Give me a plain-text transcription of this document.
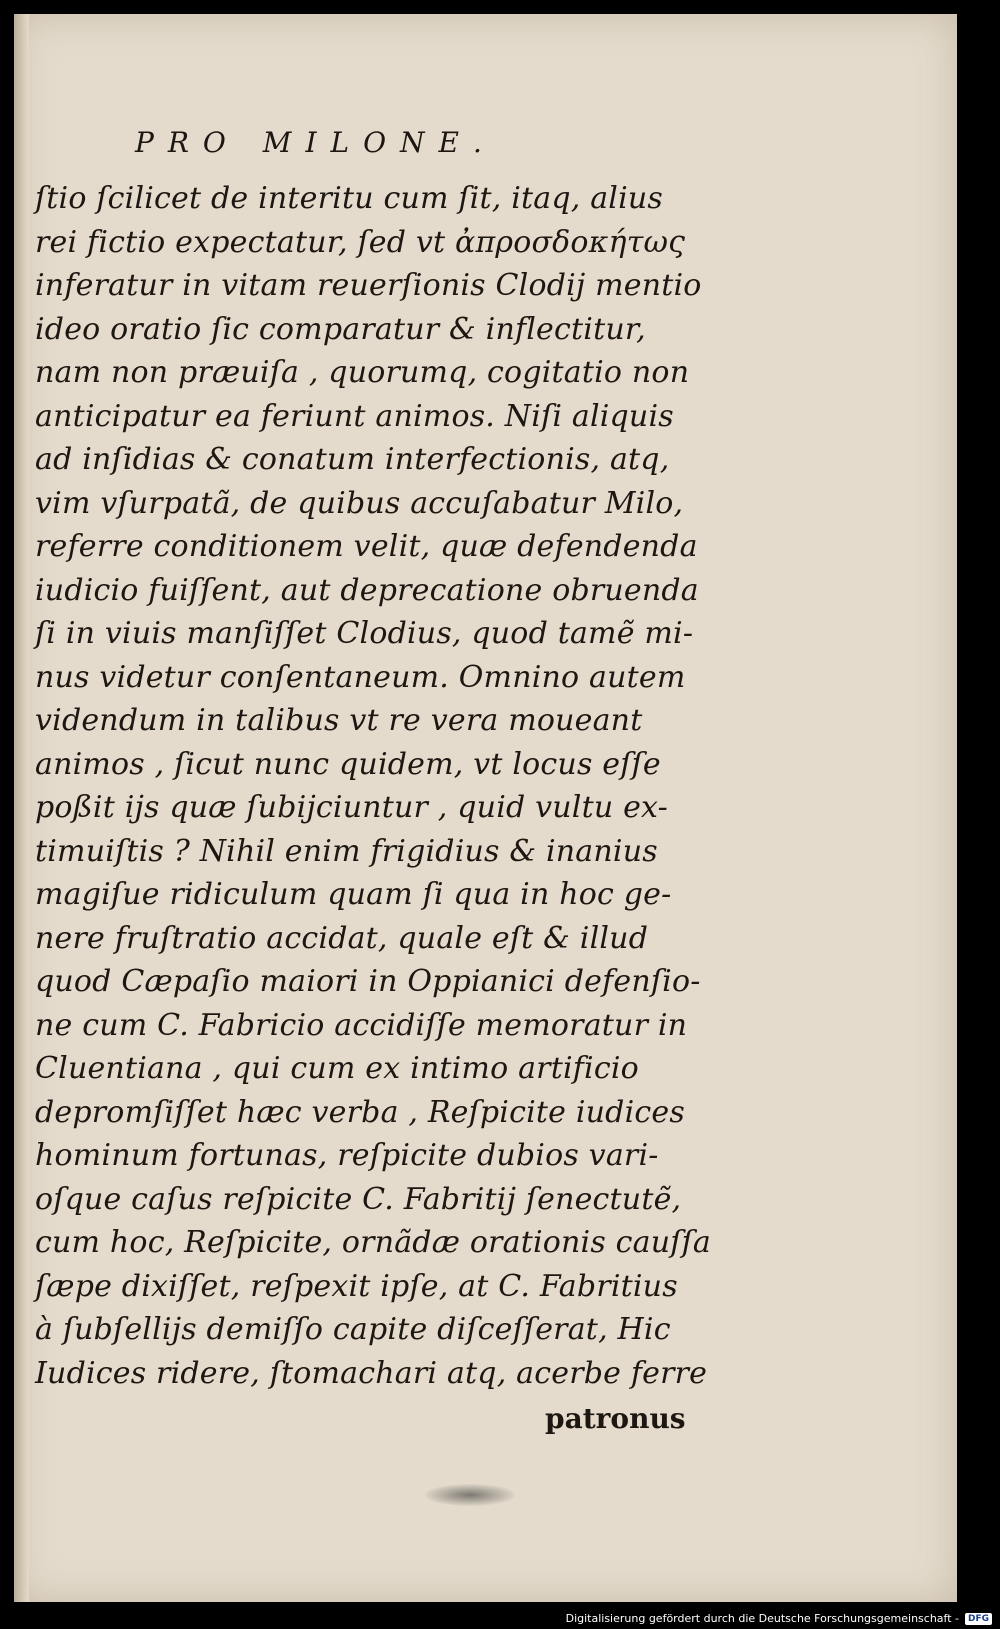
PRO MILONE.
ſtio ſcilicet de interitu cum ſit, itaq, alius
rei fictio expectatur, ſed vt ἀπροσδοκήτως
inferatur in vitam reuerſionis Clodij mentio
ideo oratio ſic comparatur & inflectitur,
nam non præuiſa , quorumq, cogitatio non
anticipatur ea feriunt animos. Niſi aliquis
ad inſidias & conatum interfectionis, atq,
vim vſurpatã, de quibus accuſabatur Milo,
referre conditionem velit, quæ defendenda
iudicio fuiſſent, aut deprecatione obruenda
ſi in viuis manſiſſet Clodius, quod tamẽ mi-
nus videtur conſentaneum. Omnino autem
videndum in talibus vt re vera moueant
animos , ſicut nunc quidem, vt locus eſſe
poßit ijs quæ ſubijciuntur , quid vultu ex-
timuiſtis ? Nihil enim frigidius & inanius
magiſue ridiculum quam ſi qua in hoc ge-
nere fruſtratio accidat, quale eſt & illud
quod Cæpaſio maiori in Oppianici defenſio-
ne cum C. Fabricio accidiſſe memoratur in
Cluentiana , qui cum ex intimo artificio
depromſiſſet hæc verba , Reſpicite iudices
hominum fortunas, reſpicite dubios vari-
oſque caſus reſpicite C. Fabritij ſenectutẽ,
cum hoc, Reſpicite, ornãdæ orationis cauſſa
ſæpe dixiſſet, reſpexit ipſe, at C. Fabritius
à ſubſellijs demiſſo capite diſceſſerat, Hic
Iudices ridere, ſtomachari atq, acerbe ferre
patronus
Digitalisierung gefördert durch die Deutsche Forschungsgemeinschaft -	DFG
